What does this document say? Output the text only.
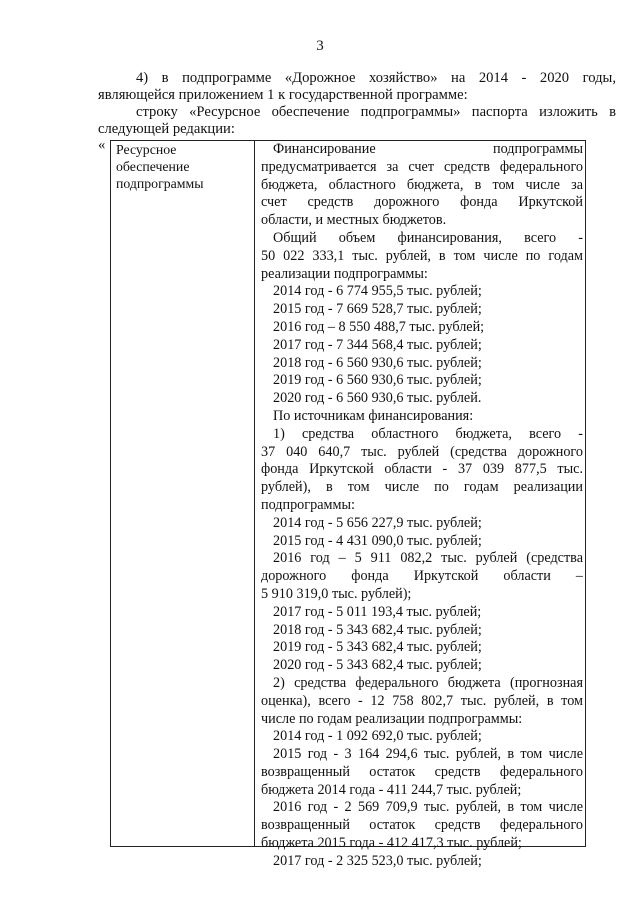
3

4) в подпрограмме «Дорожное хозяйство» на 2014 - 2020 годы,

являющейся приложением 1 к государственной программе:

строку «Ресурсное обеспечение подпрограммы» паспорта изложить в

следующей редакции:

« Ресурсное
обеспечение
подпрограммы
Финансирование подпрограммы
предусматривается за счет средств федерального
бюджета, областного бюджета, в том числе за
счет средств дорожного фонда Иркутской
области, и местных бюджетов.
Общий объем финансирования, всего -
50 022 333,1 тыс. рублей, в том числе по годам
реализации подпрограммы:
2014 год - 6 774 955,5 тыс. рублей;
2015 год - 7 669 528,7 тыс. рублей;
2016 год – 8 550 488,7 тыс. рублей;
2017 год - 7 344 568,4 тыс. рублей;
2018 год - 6 560 930,6 тыс. рублей;
2019 год - 6 560 930,6 тыс. рублей;
2020 год - 6 560 930,6 тыс. рублей.
По источникам финансирования:
1) средства областного бюджета, всего -
37 040 640,7 тыс. рублей (средства дорожного
фонда Иркутской области - 37 039 877,5 тыс.
рублей), в том числе по годам реализации
подпрограммы:
2014 год - 5 656 227,9 тыс. рублей;
2015 год - 4 431 090,0 тыс. рублей;
2016 год – 5 911 082,2 тыс. рублей (средства
дорожного фонда Иркутской области –
5 910 319,0 тыс. рублей);
2017 год - 5 011 193,4 тыс. рублей;
2018 год - 5 343 682,4 тыс. рублей;
2019 год - 5 343 682,4 тыс. рублей;
2020 год - 5 343 682,4 тыс. рублей;
2) средства федерального бюджета (прогнозная
оценка), всего - 12 758 802,7 тыс. рублей, в том
числе по годам реализации подпрограммы:
2014 год - 1 092 692,0 тыс. рублей;
2015 год - 3 164 294,6 тыс. рублей, в том числе
возвращенный остаток средств федерального
бюджета 2014 года - 411 244,7 тыс. рублей;
2016 год - 2 569 709,9 тыс. рублей, в том числе
возвращенный остаток средств федерального
бюджета 2015 года - 412 417,3 тыс. рублей;
2017 год - 2 325 523,0 тыс. рублей;
